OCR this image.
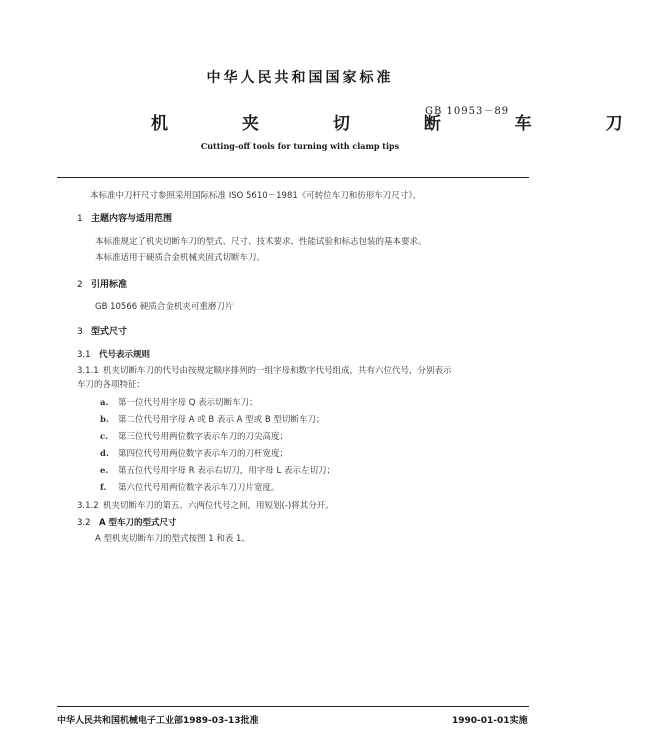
中华人民共和国国家标准
GB 10953－89
机 夹 切 断 车 刀
Cutting-off tools for turning with clamp tips
本标准中刀杆尺寸参照采用国际标准 ISO 5610－1981《可转位车刀和仿形车刀尺寸》。
1 主题内容与适用范围
本标准规定了机夹切断车刀的型式、尺寸、技术要求、性能试验和标志包装的基本要求。
本标准适用于硬质合金机械夹固式切断车刀。
2 引用标准
GB 10566 硬质合金机夹可重磨刀片
3 型式尺寸
3.1 代号表示规则
3.1.1 机夹切断车刀的代号由按规定顺序排列的一组字母和数字代号组成，共有六位代号，分别表示
车刀的各项特征：
a. 第一位代号用字母 Q 表示切断车刀；
b. 第二位代号用字母 A 或 B 表示 A 型或 B 型切断车刀；
c. 第三位代号用两位数字表示车刀的刀尖高度；
d. 第四位代号用两位数字表示车刀的刀杆宽度；
e. 第五位代号用字母 R 表示右切刀，用字母 L 表示左切刀；
f. 第六位代号用两位数字表示车刀刀片宽度。
3.1.2 机夹切断车刀的第五、六两位代号之间，用短划(-)将其分开。
3.2 A 型车刀的型式尺寸
A 型机夹切断车刀的型式按图 1 和表 1。
中华人民共和国机械电子工业部1989-03-13批准	1990-01-01实施
